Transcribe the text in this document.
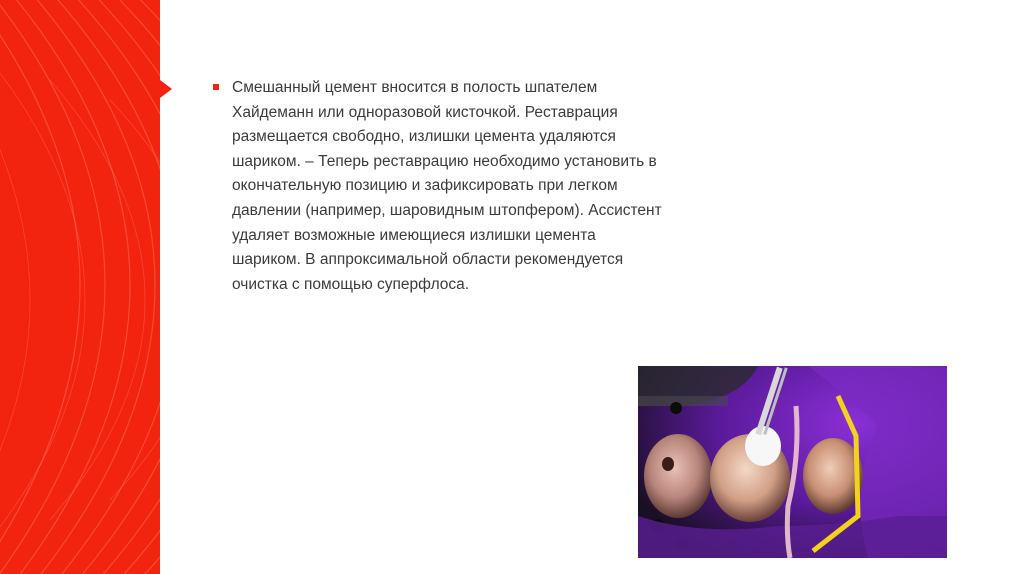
Смешанный цемент вносится в полость шпателем
Хайдеманн или одноразовой кисточкой. Реставрация
размещается свободно, излишки цемента удаляются
шариком. – Теперь реставрацию необходимо установить в
окончательную позицию и зафиксировать при легком
давлении (например, шаровидным штопфером). Ассистент
удаляет возможные имеющиеся излишки цемента
шариком. В аппроксимальной области рекомендуется
очистка с помощью суперфлоса.
